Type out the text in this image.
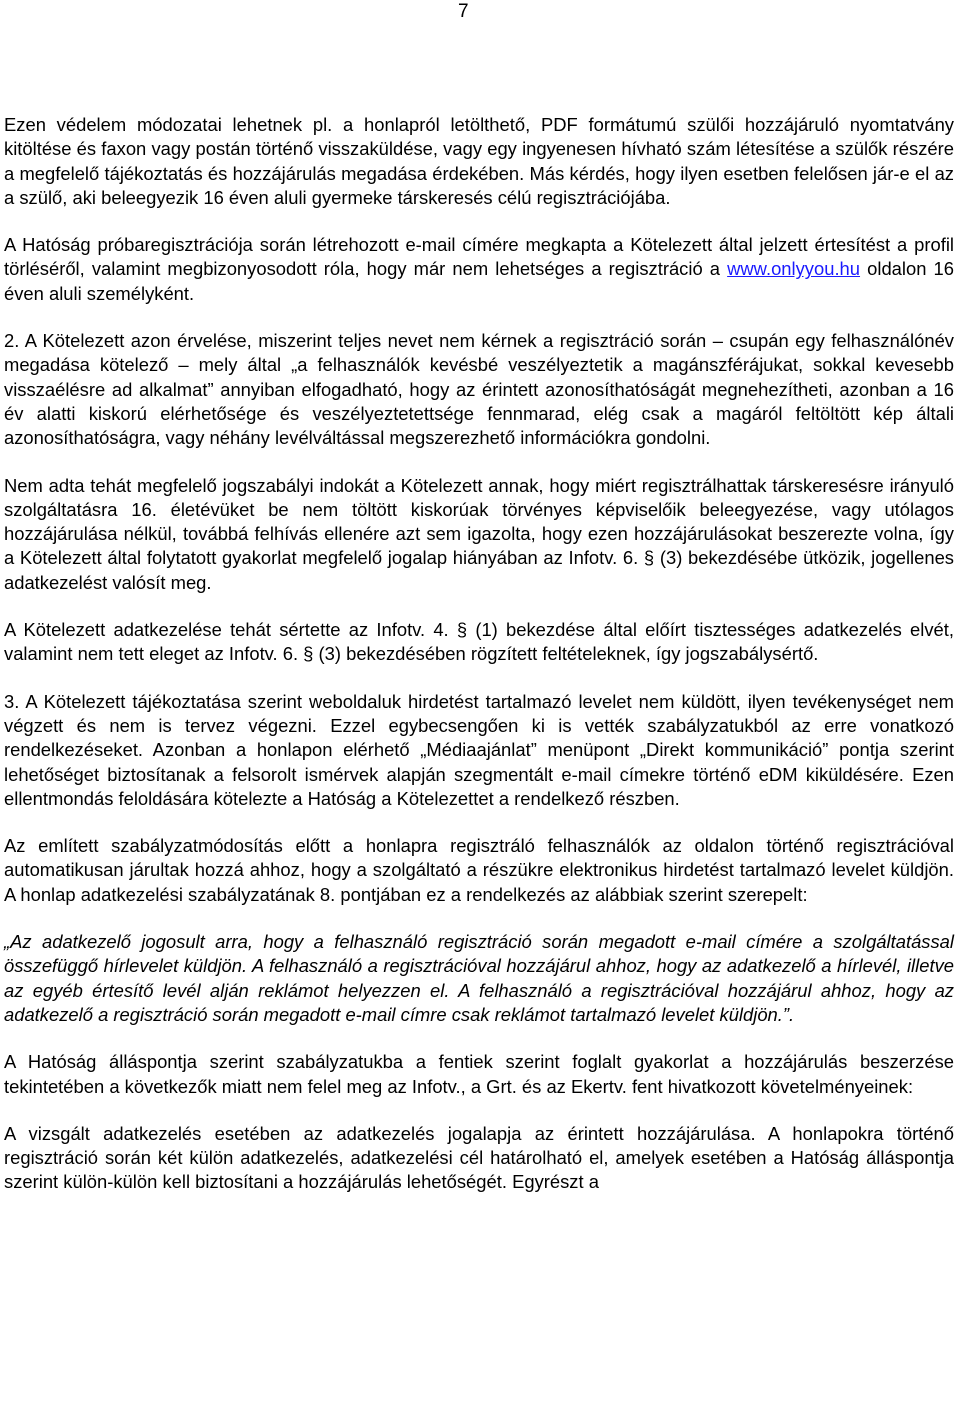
7

Ezen védelem módozatai lehetnek pl. a honlapról letölthető, PDF formátumú szülői hozzájáruló nyomtatvány kitöltése és faxon vagy postán történő visszaküldése, vagy egy ingyenesen hívható szám létesítése a szülők részére a megfelelő tájékoztatás és hozzájárulás megadása érdekében. Más kérdés, hogy ilyen esetben felelősen jár-e el az a szülő, aki beleegyezik 16 éven aluli gyermeke társkeresés célú regisztrációjába.

A Hatóság próbaregisztrációja során létrehozott e-mail címére megkapta a Kötelezett által jelzett értesítést a profil törléséről, valamint megbizonyosodott róla, hogy már nem lehetséges a regisztráció a www.onlyyou.hu oldalon 16 éven aluli személyként.

2. A Kötelezett azon érvelése, miszerint teljes nevet nem kérnek a regisztráció során – csupán egy felhasználónév megadása kötelező – mely által „a felhasználók kevésbé veszélyeztetik a magánszférájukat, sokkal kevesebb visszaélésre ad alkalmat” annyiban elfogadható, hogy az érintett azonosíthatóságát megnehezítheti, azonban a 16 év alatti kiskorú elérhetősége és veszélyeztetettsége fennmarad, elég csak a magáról feltöltött kép általi azonosíthatóságra, vagy néhány levélváltással megszerezhető információkra gondolni.

Nem adta tehát megfelelő jogszabályi indokát a Kötelezett annak, hogy miért regisztrálhattak társkeresésre irányuló szolgáltatásra 16. életévüket be nem töltött kiskorúak törvényes képviselőik beleegyezése, vagy utólagos hozzájárulása nélkül, továbbá felhívás ellenére azt sem igazolta, hogy ezen hozzájárulásokat beszerezte volna, így a Kötelezett által folytatott gyakorlat megfelelő jogalap hiányában az Infotv. 6. § (3) bekezdésébe ütközik, jogellenes adatkezelést valósít meg.

A Kötelezett adatkezelése tehát sértette az Infotv. 4. § (1) bekezdése által előírt tisztességes adatkezelés elvét, valamint nem tett eleget az Infotv. 6. § (3) bekezdésében rögzített feltételeknek, így jogszabálysértő.

3. A Kötelezett tájékoztatása szerint weboldaluk hirdetést tartalmazó levelet nem küldött, ilyen tevékenységet nem végzett és nem is tervez végezni. Ezzel egybecsengően ki is vették szabályzatukból az erre vonatkozó rendelkezéseket. Azonban a honlapon elérhető „Médiaajánlat” menüpont „Direkt kommunikáció” pontja szerint lehetőséget biztosítanak a felsorolt ismérvek alapján szegmentált e-mail címekre történő eDM kiküldésére. Ezen ellentmondás feloldására kötelezte a Hatóság a Kötelezettet a rendelkező részben.

Az említett szabályzatmódosítás előtt a honlapra regisztráló felhasználók az oldalon történő regisztrációval automatikusan járultak hozzá ahhoz, hogy a szolgáltató a részükre elektronikus hirdetést tartalmazó levelet küldjön. A honlap adatkezelési szabályzatának 8. pontjában ez a rendelkezés az alábbiak szerint szerepelt:

„Az adatkezelő jogosult arra, hogy a felhasználó regisztráció során megadott e-mail címére a szolgáltatással összefüggő hírlevelet küldjön. A felhasználó a regisztrációval hozzájárul ahhoz, hogy az adatkezelő a hírlevél, illetve az egyéb értesítő levél alján reklámot helyezzen el. A felhasználó a regisztrációval hozzájárul ahhoz, hogy az adatkezelő a regisztráció során megadott e-mail címre csak reklámot tartalmazó levelet küldjön.”.

A Hatóság álláspontja szerint szabályzatukba a fentiek szerint foglalt gyakorlat a hozzájárulás beszerzése tekintetében a következők miatt nem felel meg az Infotv., a Grt. és az Ekertv. fent hivatkozott követelményeinek:

A vizsgált adatkezelés esetében az adatkezelés jogalapja az érintett hozzájárulása. A honlapokra történő regisztráció során két külön adatkezelés, adatkezelési cél határolható el, amelyek esetében a Hatóság álláspontja szerint külön-külön kell biztosítani a hozzájárulás lehetőségét. Egyrészt a
